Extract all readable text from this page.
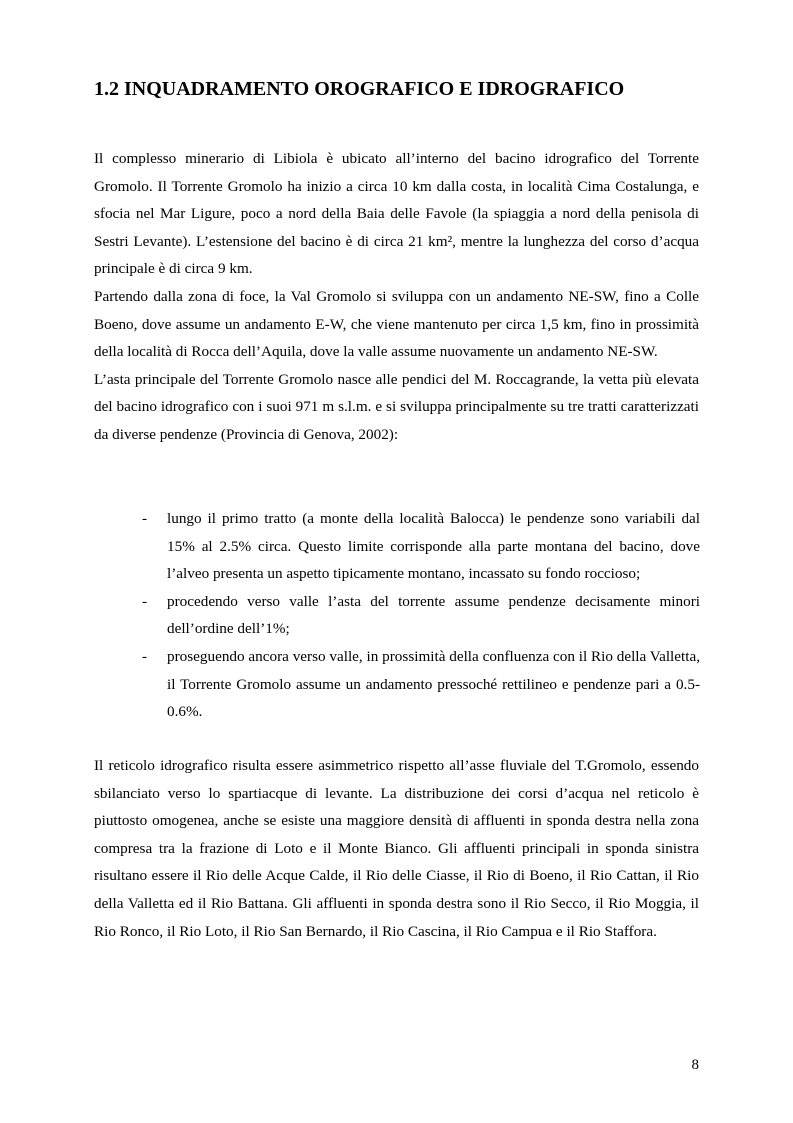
1.2 INQUADRAMENTO OROGRAFICO E IDROGRAFICO
Il complesso minerario di Libiola è ubicato all’interno del bacino idrografico del Torrente Gromolo. Il Torrente Gromolo ha inizio a circa 10 km dalla costa, in località Cima Costalunga, e sfocia nel Mar Ligure, poco a nord della Baia delle Favole (la spiaggia a nord della penisola di Sestri Levante). L’estensione del bacino è di circa 21 km², mentre la lunghezza del corso d’acqua principale è di circa 9 km.
Partendo dalla zona di foce, la Val Gromolo si sviluppa con un andamento NE-SW, fino a Colle Boeno, dove assume un andamento E-W, che viene mantenuto per circa 1,5 km, fino in prossimità della località di Rocca dell’Aquila, dove la valle assume nuovamente un andamento NE-SW.
L’asta principale del Torrente Gromolo nasce alle pendici del M. Roccagrande, la vetta più elevata del bacino idrografico con i suoi 971 m s.l.m. e si sviluppa principalmente su tre tratti caratterizzati da diverse pendenze (Provincia di Genova, 2002):
- lungo il primo tratto (a monte della località Balocca) le pendenze sono variabili dal 15% al 2.5% circa. Questo limite corrisponde alla parte montana del bacino, dove l’alveo presenta un aspetto tipicamente montano, incassato su fondo roccioso;
- procedendo verso valle l’asta del torrente assume pendenze decisamente minori dell’ordine dell’1%;
- proseguendo ancora verso valle, in prossimità della confluenza con il Rio della Valletta, il Torrente Gromolo assume un andamento pressoché rettilineo e pendenze pari a 0.5-0.6%.
Il reticolo idrografico risulta essere asimmetrico rispetto all’asse fluviale del T.Gromolo, essendo sbilanciato verso lo spartiacque di levante. La distribuzione dei corsi d’acqua nel reticolo è piuttosto omogenea, anche se esiste una maggiore densità di affluenti in sponda destra nella zona compresa tra la frazione di Loto e il Monte Bianco. Gli affluenti principali in sponda sinistra risultano essere il Rio delle Acque Calde, il Rio delle Ciasse, il Rio di Boeno, il Rio Cattan, il Rio della Valletta ed il Rio Battana. Gli affluenti in sponda destra sono il Rio Secco, il Rio Moggia, il Rio Ronco, il Rio Loto, il Rio San Bernardo, il Rio Cascina, il Rio Campua e il Rio Staffora.
8
